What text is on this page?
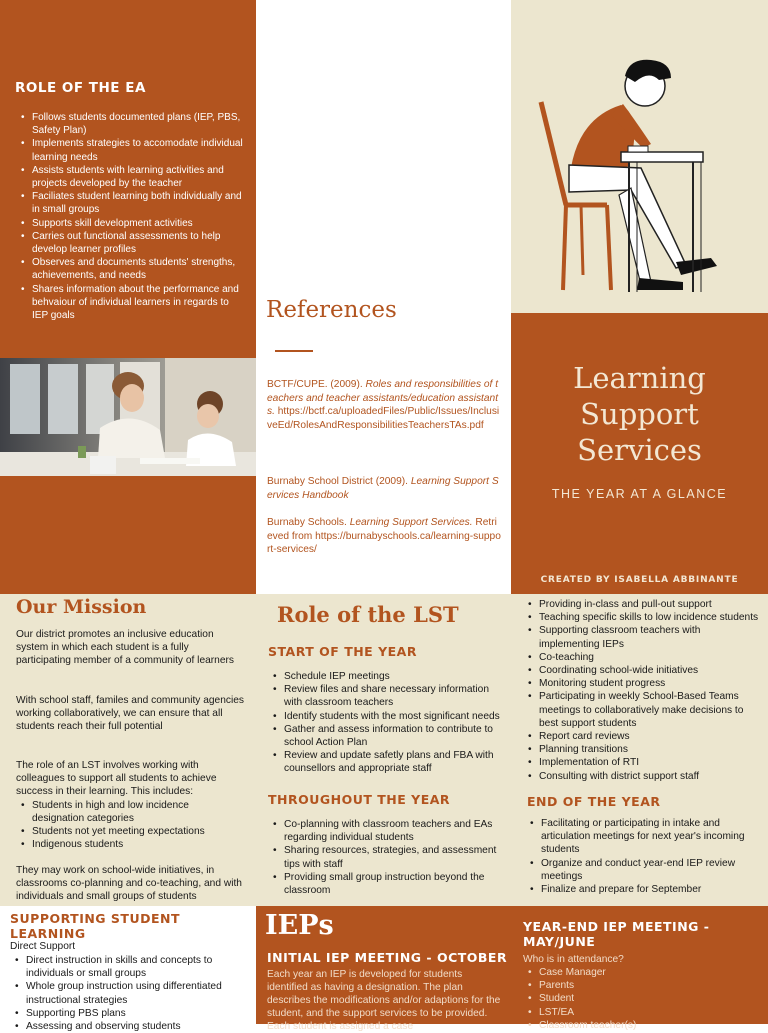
ROLE OF THE EA
• Follows students documented plans (IEP, PBS, Safety Plan)
• Implements strategies to accomodate individual learning needs
• Assists students with learning activities and projects developed by the teacher
• Faciliates student learning both individually and in small groups
• Supports skill development activities
• Carries out functional assessments to help develop learner profiles
• Observes and documents students' strengths, achievements, and needs
• Shares information about the performance and behvaiour of individual learners in regards to IEP goals	References
BCTF/CUPE. (2009). Roles and responsibilities of teachers and teacher assistants/education assistants. https://bctf.ca/uploadedFiles/Public/Issues/InclusiveEd/RolesAndResponsibilitiesTeachersTAs.pdf
Burnaby School District (2009). Learning Support Services Handbook
Burnaby Schools. Learning Support Services. Retrieved from https://burnabyschools.ca/learning-support-services/
Learning
Support
Services
THE YEAR AT A GLANCE
CREATED BY ISABELLA ABBINANTE
Our Mission
Our district promotes an inclusive education system in which each student is a fully participating member of a community of learners
With school staff, familes and community agencies working collaboratively, we can ensure that all students reach their full potential
The role of an LST involves working with colleagues to support all students to achieve success in their learning. This includes:
• Students in high and low incidence designation categories
• Students not yet meeting expectations
• Indigenous students
They may work on school-wide initiatives, in classrooms co-planning and co-teaching, and with individuals and small groups of students
Role of the LST
START OF THE YEAR
• Schedule IEP meetings
• Review files and share necessary information with classroom teachers
• Identify students with the most significant needs
• Gather and assess information to contribute to school Action Plan
• Review and update safetly plans and FBA with counsellors and appropriate staff
THROUGHOUT THE YEAR
• Co-planning with classroom teachers and EAs regarding individual students
• Sharing resources, strategies, and assessment tips with staff
• Providing small group instruction beyond the classroom
• Providing in-class and pull-out support
• Teaching specific skills to low incidence students
• Supporting classroom teachers with implementing IEPs
• Co-teaching
• Coordinating school-wide initiatives
• Monitoring student progress
• Participating in weekly School-Based Teams meetings to collaboratively make decisions to best support students
• Report card reviews
• Planning transitions
• Implementation of RTI
• Consulting with district support staff
END OF THE YEAR
• Facilitating or participating in intake and articulation meetings for next year's incoming students
• Organize and conduct year-end IEP review meetings
• Finalize and prepare for September
SUPPORTING STUDENT LEARNING
Direct Support
• Direct instruction in skills and concepts to individuals or small groups
• Whole group instruction using differentiated instructional strategies
• Supporting PBS plans
• Assessing and observing students
IEPs
INITIAL IEP MEETING - OCTOBER
Each year an IEP is developed for students identified as having a designation. The plan describes the modifications and/or adaptions for the student, and the support services to be provided. Each student is assigned a case
YEAR-END IEP MEETING - MAY/JUNE
Who is in attendance?
• Case Manager
• Parents
• Student
• LST/EA
• Classroom teacher(s)
